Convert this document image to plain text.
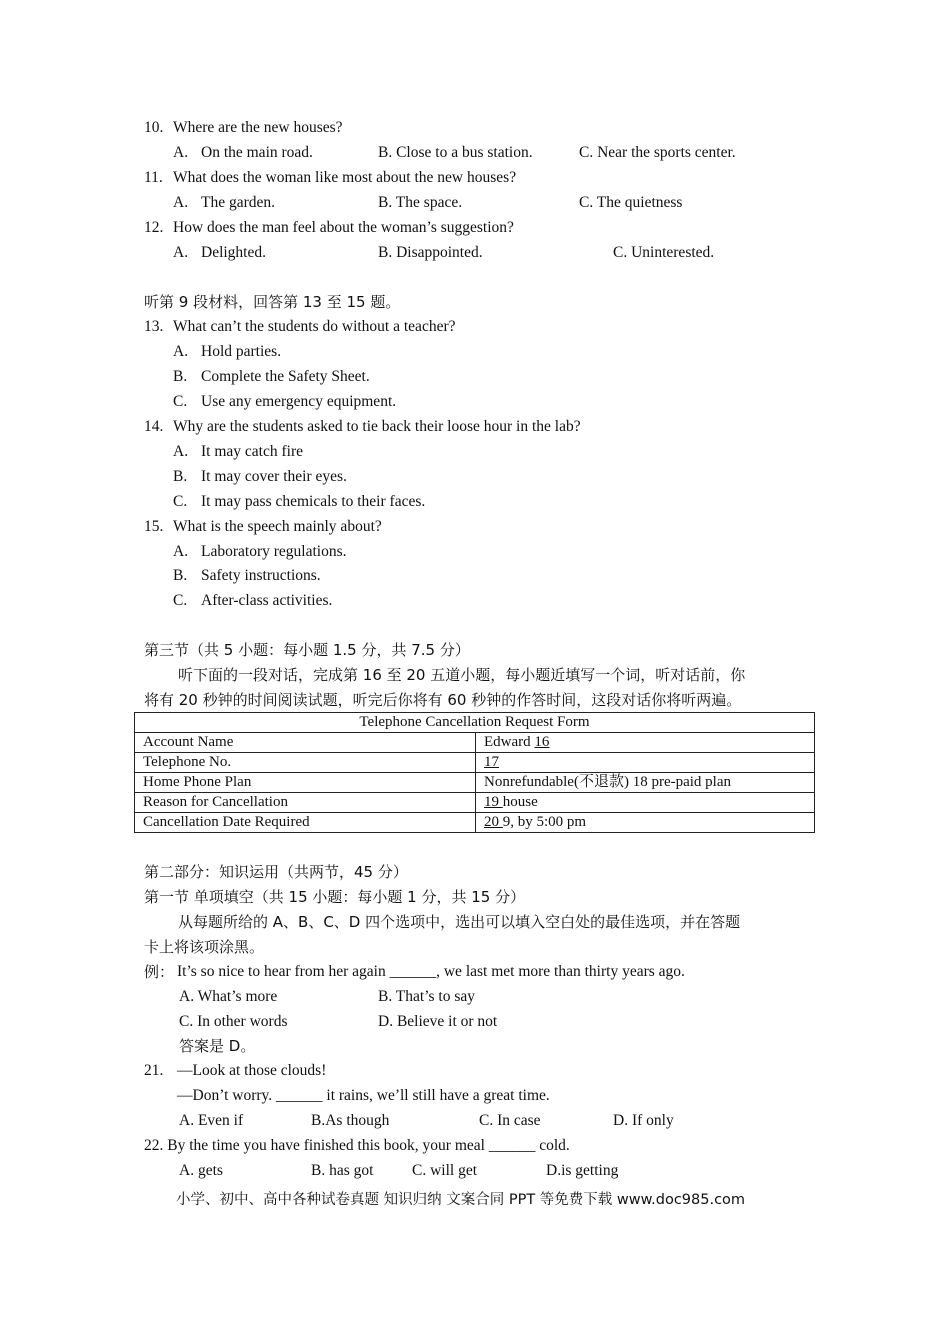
10. Where are the new houses?
A. On the main road.	B. Close to a bus station.	C. Near the sports center.
11. What does the woman like most about the new houses?
A. The garden.	B. The space.	C. The quietness
12. How does the man feel about the woman’s suggestion?
A. Delighted.	B. Disappointed.	C. Uninterested.
听第 9 段材料，回答第 13 至 15 题。
13. What can’t the students do without a teacher?
A. Hold parties.
B. Complete the Safety Sheet.
C. Use any emergency equipment.
14. Why are the students asked to tie back their loose hour in the lab?
A. It may catch fire
B. It may cover their eyes.
C. It may pass chemicals to their faces.
15. What is the speech mainly about?
A. Laboratory regulations.
B. Safety instructions.
C. After-class activities.
第三节（共 5 小题：每小题 1.5 分，共 7.5 分）
听下面的一段对话，完成第 16 至 20 五道小题，每小题近填写一个词，听对话前，你
将有 20 秒钟的时间阅读试题，听完后你将有 60 秒钟的作答时间，这段对话你将听两遍。
Telephone Cancellation Request Form	
Account Name	Edward 16
Telephone No.	17
Home Phone Plan	Nonrefundable(不退款) 18 pre-paid plan
Reason for Cancellation	19 house
Cancellation Date Required	20 9, by 5:00 pm
第二部分：知识运用（共两节，45 分）
第一节 单项填空（共 15 小题：每小题 1 分，共 15 分）
从每题所给的 A、B、C、D 四个选项中，选出可以填入空白处的最佳选项，并在答题
卡上将该项涂黑。
例： It’s so nice to hear from her again ______, we last met more than thirty years ago.
A. What’s more	B. That’s to say
C. In other words	D. Believe it or not
答案是 D。
21. —Look at those clouds!
—Don’t worry. ______ it rains, we’ll still have a great time.
A. Even if	B.As though	C. In case	D. If only
22. By the time you have finished this book, your meal ______ cold.
A. gets	B. has got C. will get	D.is getting
小学、初中、高中各种试卷真题 知识归纳 文案合同 PPT 等免费下载 www.doc985.com
